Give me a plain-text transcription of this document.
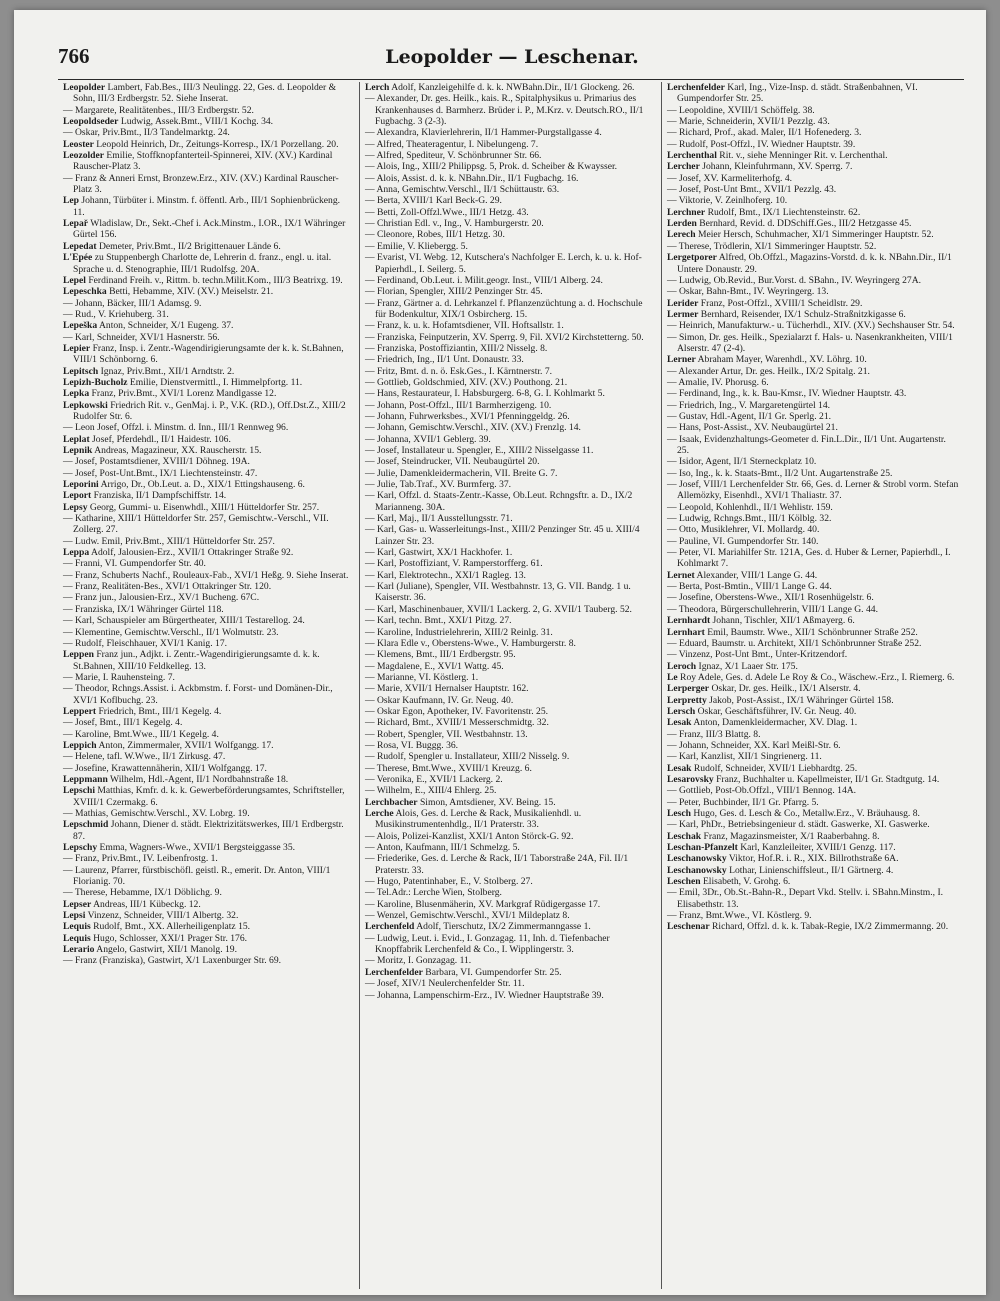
766	Leopolder — Leschenar.

Leopolder Lambert, Fab.Bes., III/3 Neulingg. 22, Ges. d. Leopolder & Sohn, III/3 Erdbergstr. 52. Siehe Inserat.

— Margarete, Realitätenbes., III/3 Erdbergstr. 52.

Leopoldseder Ludwig, Assek.Bmt., VIII/1 Kochg. 34.

— Oskar, Priv.Bmt., II/3 Tandelmarktg. 24.

Leoster Leopold Heinrich, Dr., Zeitungs-Korresp., IX/1 Porzellang. 20.

Leozolder Emilie, Stoffknopfanterteil-Spinnerei, XIV. (XV.) Kardinal Rauscher-Platz 3.

— Franz & Anneri Ernst, Bronzew.Erz., XIV. (XV.) Kardinal Rauscher-Platz 3.

Lep Johann, Türbüter i. Minstm. f. öffentl. Arb., III/1 Sophienbrückeng. 11.

Lepař Wladislaw, Dr., Sekt.-Chef i. Ack.Minstm., I.OR., IX/1 Währinger Gürtel 156.

Lepedat Demeter, Priv.Bmt., II/2 Brigittenauer Lände 6.

L'Epée zu Stuppenbergh Charlotte de, Lehrerin d. franz., engl. u. ital. Sprache u. d. Stenographie, III/1 Rudolfsg. 20A.

Lepel Ferdinand Freih. v., Rittm. b. techn.Milit.Kom., III/3 Beatrixg. 19.

Lepeschka Betti, Hebamme, XIV. (XV.) Meiselstr. 21.

— Johann, Bäcker, III/1 Adamsg. 9.

— Rud., V. Kriehuberg. 31.

Lepeška Anton, Schneider, X/1 Eugeng. 37.

— Karl, Schneider, XVI/1 Hasnerstr. 56.

Lepier Franz, Insp. i. Zentr.-Wagendirigierungsamte der k. k. St.Bahnen, VIII/1 Schönborng. 6.

Lepitsch Ignaz, Priv.Bmt., XII/1 Arndtstr. 2.

Lepizh-Bucholz Emilie, Dienstvermittl., I. Himmelpfortg. 11.

Lepka Franz, Priv.Bmt., XVI/1 Lorenz Mandlgasse 12.

Lepkowski Friedrich Rit. v., GenMaj. i. P., V.K. (RD.), Off.Dst.Z., XIII/2 Rudolfer Str. 6.

— Leon Josef, Offzl. i. Minstm. d. Inn., III/1 Rennweg 96.

Leplat Josef, Pferdehdl., II/1 Haidestr. 106.

Lepnik Andreas, Magazineur, XX. Rauscherstr. 15.

— Josef, Postamtsdiener, XVIII/1 Döhneg. 19A.

— Josef, Post-Unt.Bmt., IX/1 Liechtensteinstr. 47.

Leporini Arrigo, Dr., Ob.Leut. a. D., XIX/1 Ettingshauseng. 6.

Leport Franziska, II/1 Dampfschiffstr. 14.

Lepsy Georg, Gummi- u. Eisenwhdl., XIII/1 Hütteldorfer Str. 257.

— Katharine, XIII/1 Hütteldorfer Str. 257, Gemischtw.-Verschl., VII. Zollerg. 27.

— Ludw. Emil, Priv.Bmt., XIII/1 Hütteldorfer Str. 257.

Leppa Adolf, Jalousien-Erz., XVII/1 Ottakringer Straße 92.

— Franni, VI. Gumpendorfer Str. 40.

— Franz, Schuberts Nachf., Rouleaux-Fab., XVI/1 Heßg. 9. Siehe Inserat.

— Franz, Realitäten-Bes., XVI/1 Ottakringer Str. 120.

— Franz jun., Jalousien-Erz., XV/1 Bucheng. 67C.

— Franziska, IX/1 Währinger Gürtel 118.

— Karl, Schauspieler am Bürgertheater, XIII/1 Testarellog. 24.

— Klementine, Gemischtw.Verschl., II/1 Wolmutstr. 23.

— Rudolf, Fleischhauer, XVI/1 Kanig. 17.

Leppen Franz jun., Adjkt. i. Zentr.-Wagendirigierungsamte d. k. k. St.Bahnen, XIII/10 Feldkelleg. 13.

— Marie, I. Rauhensteing. 7.

— Theodor, Rchngs.Assist. i. Ackbmstm. f. Forst- und Domänen-Dir., XVI/1 Koflbuchg. 23.

Leppert Friedrich, Bmt., III/1 Kegelg. 4.

— Josef, Bmt., III/1 Kegelg. 4.

— Karoline, Bmt.Wwe., III/1 Kegelg. 4.

Leppich Anton, Zimmermaler, XVII/1 Wolfgangg. 17.

— Helene, tafl. W.Wwe., II/1 Zirkusg. 47.

— Josefine, Krawattennäherin, XII/1 Wolfgangg. 17.

Leppmann Wilhelm, Hdl.-Agent, II/1 Nordbahnstraße 18.

Lepschi Matthias, Kmfr. d. k. k. Gewerbeförderungsamtes, Schriftsteller, XVIII/1 Czermakg. 6.

— Mathias, Gemischtw.Verschl., XV. Lobrg. 19.

Lepschmid Johann, Diener d. städt. Elektrizitätswerkes, III/1 Erdbergstr. 87.

Lepschy Emma, Wagners-Wwe., XVII/1 Bergsteiggasse 35.

— Franz, Priv.Bmt., IV. Leibenfrostg. 1.

— Laurenz, Pfarrer, fürstbischöfl. geistl. R., emerit. Dr. Anton, VIII/1 Florianig. 70.

— Therese, Hebamme, IX/1 Döblichg. 9.

Lepser Andreas, III/1 Kübeckg. 12.

Lepsi Vinzenz, Schneider, VIII/1 Albertg. 32.

Lequis Rudolf, Bmt., XX. Allerheiligenplatz 15.

Lequis Hugo, Schlosser, XXI/1 Prager Str. 176.

Lerario Angelo, Gastwirt, XII/1 Manolg. 19.

— Franz (Franziska), Gastwirt, X/1 Laxenburger Str. 69.

Lerch Adolf, Kanzleigehilfe d. k. k. NWBahn.Dir., II/1 Glockeng. 26.

— Alexander, Dr. ges. Heilk., kais. R., Spitalphysikus u. Primarius des Krankenhauses d. Barmherz. Brüder i. P., M.Krz. v. Deutsch.RO., II/1 Fugbachg. 3 (2-3).

— Alexandra, Klavierlehrerin, II/1 Hammer-Purgstallgasse 4.

— Alfred, Theateragentur, I. Nibelungeng. 7.

— Alfred, Spediteur, V. Schönbrunner Str. 66.

— Alois, Ing., XIII/2 Philippsg. 5, Prok. d. Scheiber & Kwaysser.

— Alois, Assist. d. k. k. NBahn.Dir., II/1 Fugbachg. 16.

— Anna, Gemischtw.Verschl., II/1 Schüttaustr. 63.

— Berta, XVIII/1 Karl Beck-G. 29.

— Betti, Zoll-Offzl.Wwe., III/1 Hetzg. 43.

— Christian Edl. v., Ing., V. Hamburgerstr. 20.

— Cleonore, Robes, III/1 Hetzg. 30.

— Emilie, V. Kliebergg. 5.

— Evarist, VI. Webg. 12, Kutschera's Nachfolger E. Lerch, k. u. k. Hof-Papierhdl., I. Seilerg. 5.

— Ferdinand, Ob.Leut. i. Milit.geogr. Inst., VIII/1 Alberg. 24.

— Florian, Spengler, XIII/2 Penzinger Str. 45.

— Franz, Gärtner a. d. Lehrkanzel f. Pflanzenzüchtung a. d. Hochschule für Bodenkultur, XIX/1 Osbircherg. 15.

— Franz, k. u. k. Hofamtsdiener, VII. Hoftsallstr. 1.

— Franziska, Feinputzerin, XV. Sperrg. 9, Fil. XVI/2 Kirchstetterng. 50.

— Franziska, Postoffiziantin, XIII/2 Nisselg. 8.

— Friedrich, Ing., II/1 Unt. Donaustr. 33.

— Fritz, Bmt. d. n. ö. Esk.Ges., I. Kärntnerstr. 7.

— Gottlieb, Goldschmied, XIV. (XV.) Pouthong. 21.

— Hans, Restaurateur, I. Habsburgerg. 6-8, G. I. Kohlmarkt 5.

— Johann, Post-Offzl., III/1 Barmherzigeng. 10.

— Johann, Fuhrwerksbes., XVI/1 Pfenninggeldg. 26.

— Johann, Gemischtw.Verschl., XIV. (XV.) Frenzlg. 14.

— Johanna, XVII/1 Geblerg. 39.

— Josef, Installateur u. Spengler, E., XIII/2 Nisselgasse 11.

— Josef, Steindrucker, VII. Neubaugürtel 20.

— Julie, Damenkleidermacherin, VII. Breite G. 7.

— Julie, Tab.Traf., XV. Burmferg. 37.

— Karl, Offzl. d. Staats-Zentr.-Kasse, Ob.Leut. Rchngsftr. a. D., IX/2 Marianneng. 30A.

— Karl, Maj., II/1 Ausstellungsstr. 71.

— Karl, Gas- u. Wasserleitungs-Inst., XIII/2 Penzinger Str. 45 u. XIII/4 Lainzer Str. 23.

— Karl, Gastwirt, XX/1 Hackhofer. 1.

— Karl, Postoffiziant, V. Ramperstorfferg. 61.

— Karl, Elektrotechn., XXI/1 Ragleg. 13.

— Karl (Juliane), Spengler, VII. Westbahnstr. 13, G. VII. Bandg. 1 u. Kaiserstr. 36.

— Karl, Maschinenbauer, XVII/1 Lackerg. 2, G. XVII/1 Tauberg. 52.

— Karl, techn. Bmt., XXI/1 Pitzg. 27.

— Karoline, Industrielehrerin, XIII/2 Reinlg. 31.

— Klara Edle v., Oberstens-Wwe., V. Hamburgerstr. 8.

— Klemens, Bmt., III/1 Erdbergstr. 95.

— Magdalene, E., XVI/1 Wattg. 45.

— Marianne, VI. Köstlerg. 1.

— Marie, XVII/1 Hernalser Hauptstr. 162.

— Oskar Kaufmann, IV. Gr. Neug. 40.

— Oskar Egon, Apotheker, IV. Favoritenstr. 25.

— Richard, Bmt., XVIII/1 Messerschmidtg. 32.

— Robert, Spengler, VII. Westbahnstr. 13.

— Rosa, VI. Buggg. 36.

— Rudolf, Spengler u. Installateur, XIII/2 Nisselg. 9.

— Therese, Bmt.Wwe., XVIII/1 Kreuzg. 6.

— Veronika, E., XVII/1 Lackerg. 2.

— Wilhelm, E., XIII/4 Ehlerg. 25.

Lerchbacher Simon, Amtsdiener, XV. Being. 15.

Lerche Alois, Ges. d. Lerche & Rack, Musikalienhdl. u. Musikinstrumentenhdlg., II/1 Praterstr. 33.

— Alois, Polizei-Kanzlist, XXI/1 Anton Störck-G. 92.

— Anton, Kaufmann, III/1 Schmelzg. 5.

— Friederike, Ges. d. Lerche & Rack, II/1 Taborstraße 24A, Fil. II/1 Praterstr. 33.

— Hugo, Patentinhaber, E., V. Stolberg. 27.

— Tel.Adr.: Lerche Wien, Stolberg.

— Karoline, Blusenmäherin, XV. Markgraf Rüdigergasse 17.

— Wenzel, Gemischtw.Verschl., XVI/1 Mildeplatz 8.

Lerchenfeld Adolf, Tierschutz, IX/2 Zimmermanngasse 1.

— Ludwig, Leut. i. Evid., I. Gonzagag. 11, Inh. d. Tiefenbacher Knopffabrik Lerchenfeld & Co., I. Wipplingerstr. 3.

— Moritz, I. Gonzagag. 11.

Lerchenfelder Barbara, VI. Gumpendorfer Str. 25.

— Josef, XIV/1 Neulerchenfelder Str. 11.

— Johanna, Lampenschirm-Erz., IV. Wiedner Hauptstraße 39.

Lerchenfelder Karl, Ing., Vize-Insp. d. städt. Straßenbahnen, VI. Gumpendorfer Str. 25.

— Leopoldine, XVIII/1 Schöffelg. 38.

— Marie, Schneiderin, XVII/1 Pezzlg. 43.

— Richard, Prof., akad. Maler, II/1 Hofenederg. 3.

— Rudolf, Post-Offzl., IV. Wiedner Hauptstr. 39.

Lerchenthal Rit. v., siehe Menninger Rit. v. Lerchenthal.

Lercher Johann, Kleinfuhrmann, XV. Sperrg. 7.

— Josef, XV. Karmeliterhofg. 4.

— Josef, Post-Unt Bmt., XVII/1 Pezzlg. 43.

— Viktorie, V. Zeinlhoferg. 10.

Lerchner Rudolf, Bmt., IX/1 Liechtensteinstr. 62.

Lerden Bernhard, Revid. d. DDSchiff.Ges., III/2 Hetzgasse 45.

Lerech Meier Hersch, Schuhmacher, XI/1 Simmeringer Hauptstr. 52.

— Therese, Trödlerin, XI/1 Simmeringer Hauptstr. 52.

Lergetporer Alfred, Ob.Offzl., Magazins-Vorstd. d. k. k. NBahn.Dir., II/1 Untere Donaustr. 29.

— Ludwig, Ob.Revid., Bur.Vorst. d. SBahn., IV. Weyringerg 27A.

— Oskar, Bahn-Bmt., IV. Weyringerg. 13.

Lerider Franz, Post-Offzl., XVIII/1 Scheidlstr. 29.

Lermer Bernhard, Reisender, IX/1 Schulz-Straßnitzkigasse 6.

— Heinrich, Manufakturw.- u. Tücherhdl., XIV. (XV.) Sechshauser Str. 54.

— Simon, Dr. ges. Heilk., Spezialarzt f. Hals- u. Nasenkrankheiten, VIII/1 Alserstr. 47 (2-4).

Lerner Abraham Mayer, Warenhdl., XV. Löhrg. 10.

— Alexander Artur, Dr. ges. Heilk., IX/2 Spitalg. 21.

— Amalie, IV. Phorusg. 6.

— Ferdinand, Ing., k. k. Bau-Kmsr., IV. Wiedner Hauptstr. 43.

— Friedrich, Ing., V. Margaretengürtel 14.

— Gustav, Hdl.-Agent, II/1 Gr. Sperlg. 21.

— Hans, Post-Assist., XV. Neubaugürtel 21.

— Isaak, Evidenzhaltungs-Geometer d. Fin.L.Dir., II/1 Unt. Augartenstr. 25.

— Isidor, Agent, II/1 Sterneckplatz 10.

— Iso, Ing., k. k. Staats-Bmt., II/2 Unt. Augartenstraße 25.

— Josef, VIII/1 Lerchenfelder Str. 66, Ges. d. Lerner & Strobl vorm. Stefan Allemözky, Eisenhdl., XVI/1 Thaliastr. 37.

— Leopold, Kohlenhdl., II/1 Wehlistr. 159.

— Ludwig, Rchngs.Bmt., III/1 Kölblg. 32.

— Otto, Musiklehrer, VI. Mollardg. 40.

— Pauline, VI. Gumpendorfer Str. 140.

— Peter, VI. Mariahilfer Str. 121A, Ges. d. Huber & Lerner, Papierhdl., I. Kohlmarkt 7.

Lernet Alexander, VIII/1 Lange G. 44.

— Berta, Post-Bmtin., VIII/1 Lange G. 44.

— Josefine, Oberstens-Wwe., XII/1 Rosenhügelstr. 6.

— Theodora, Bürgerschullehrerin, VIII/1 Lange G. 44.

Lernhardt Johann, Tischler, XII/1 Aßmayerg. 6.

Lernhart Emil, Baumstr. Wwe., XII/1 Schönbrunner Straße 252.

— Eduard, Baumstr. u. Architekt, XII/1 Schönbrunner Straße 252.

— Vinzenz, Post-Unt Bmt., Unter-Kritzendorf.

Leroch Ignaz, X/1 Laaer Str. 175.

Le Roy Adele, Ges. d. Adele Le Roy & Co., Wäschew.-Erz., I. Riemerg. 6.

Lerperger Oskar, Dr. ges. Heilk., IX/1 Alserstr. 4.

Lerpretty Jakob, Post-Assist., IX/1 Währinger Gürtel 158.

Lersch Oskar, Geschäftsführer, IV. Gr. Neug. 40.

Lesak Anton, Damenkleidermacher, XV. Dlag. 1.

— Franz, III/3 Blattg. 8.

— Johann, Schneider, XX. Karl Meißl-Str. 6.

— Karl, Kanzlist, XII/1 Singrienerg. 11.

Lesak Rudolf, Schneider, XVII/1 Liebhardtg. 25.

Lesarovsky Franz, Buchhalter u. Kapellmeister, II/1 Gr. Stadtgutg. 14.

— Gottlieb, Post-Ob.Offzl., VIII/1 Bennog. 14A.

— Peter, Buchbinder, II/1 Gr. Pfarrg. 5.

Lesch Hugo, Ges. d. Lesch & Co., Metallw.Erz., V. Bräuhausg. 8.

— Karl, PhDr., Betriebsingenieur d. städt. Gaswerke, XI. Gaswerke.

Leschak Franz, Magazinsmeister, X/1 Raaberbahng. 8.

Leschan-Pfanzelt Karl, Kanzleileiter, XVIII/1 Genzg. 117.

Leschanowsky Viktor, Hof.R. i. R., XIX. Billrothstraße 6A.

Leschanowsky Lothar, Linienschiffsleut., II/1 Gärtnerg. 4.

Leschen Elisabeth, V. Grohg. 6.

— Emil, 3Dr., Ob.St.-Bahn-R., Depart Vkd. Stellv. i. SBahn.Minstm., I. Elisabethstr. 13.

— Franz, Bmt.Wwe., VI. Köstlerg. 9.

Leschenar Richard, Offzl. d. k. k. Tabak-Regie, IX/2 Zimmermanng. 20.
